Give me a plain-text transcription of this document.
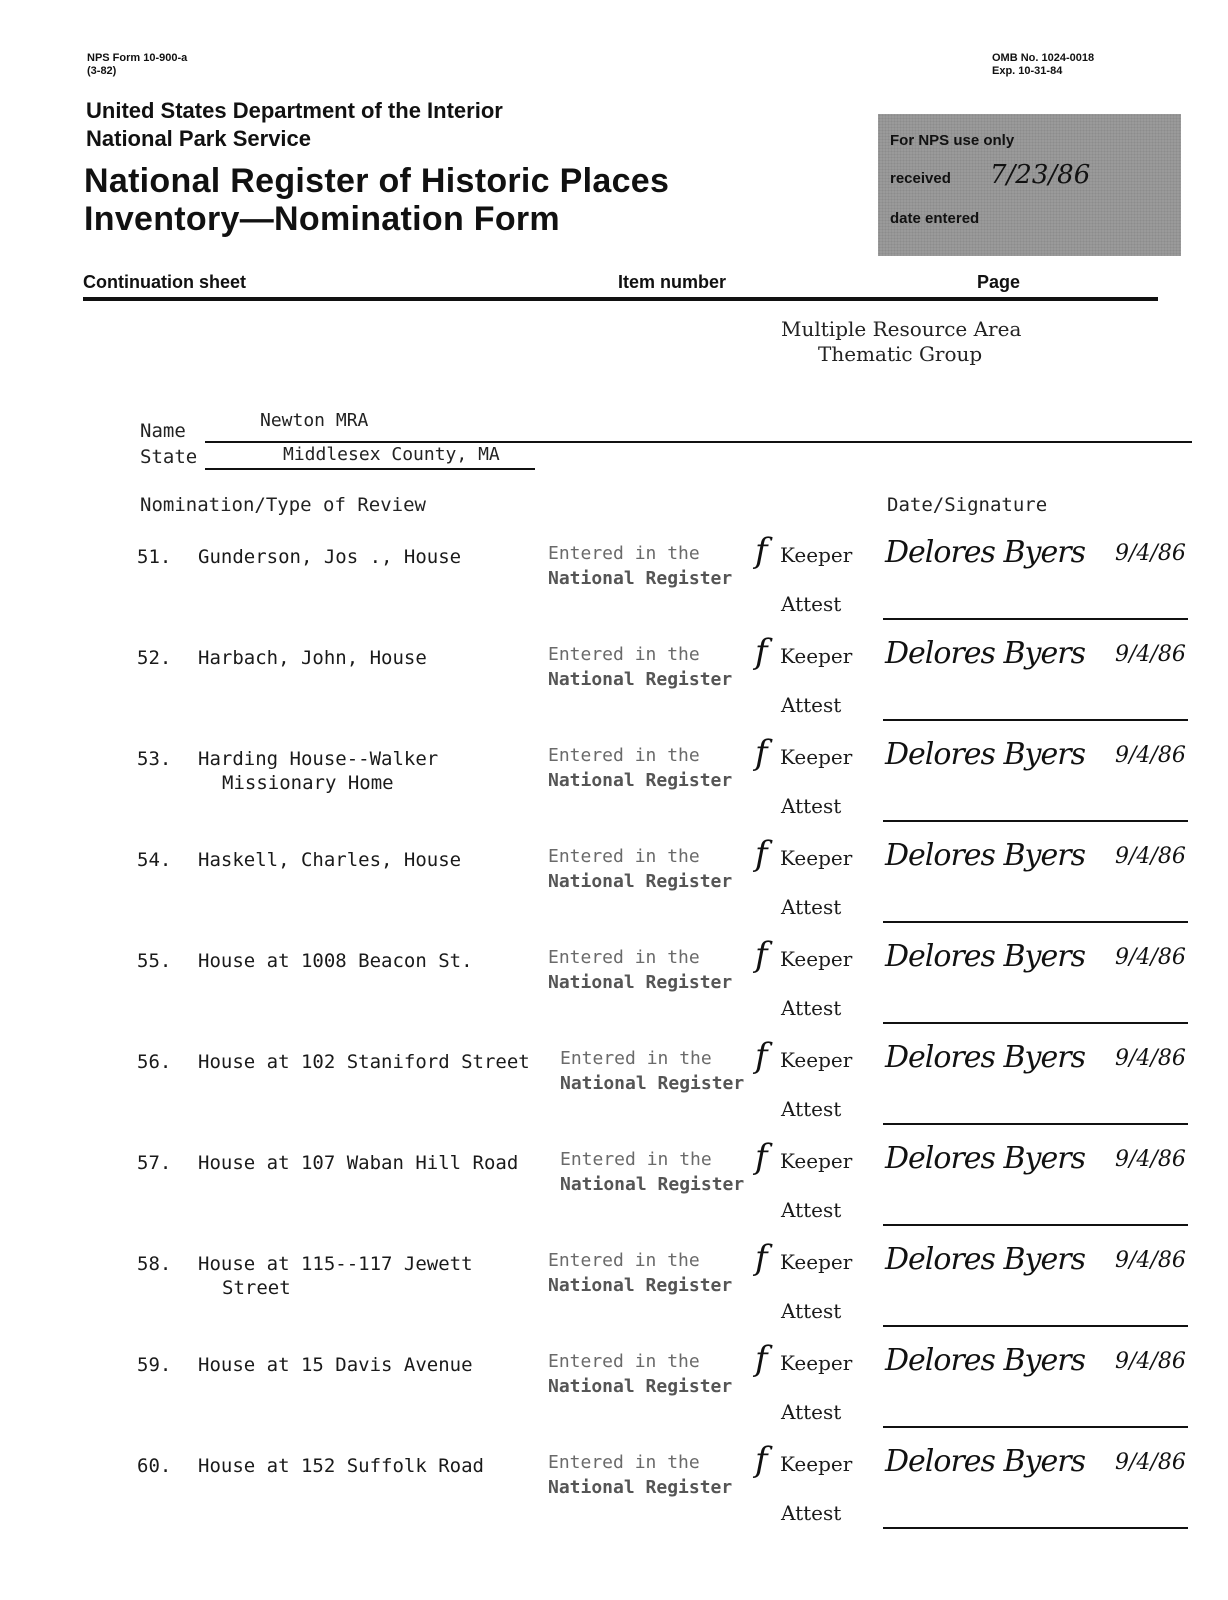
NPS Form 10-900-a
(3-82)
OMB No. 1024-0018
Exp. 10-31-84
United States Department of the Interior
National Park Service
National Register of Historic Places
Inventory—Nomination Form
For NPS use only
received 7/23/86
date entered
Continuation sheet	Item number	Page
Multiple Resource Area
Thematic Group
Name	Newton MRA
State	Middlesex County, MA
Nomination/Type of Review	Date/Signature
51. Gunderson, Jos ., House	Entered in the
National Register
f Keeper
Attest
Delores Byers 9/4/86
52. Harbach, John, House	Entered in the
National Register
f Keeper
Attest
Delores Byers 9/4/86
53. Harding House--Walker
Missionary Home
Entered in the
National Register
f Keeper
Attest
Delores Byers 9/4/86
54. Haskell, Charles, House	Entered in the
National Register
f Keeper
Attest
Delores Byers 9/4/86
55. House at 1008 Beacon St.	Entered in the
National Register
f Keeper
Attest
Delores Byers 9/4/86
56. House at 102 Staniford Street Entered in the
National Register
f Keeper
Attest
Delores Byers 9/4/86
57. House at 107 Waban Hill Road Entered in the
National Register
f Keeper
Attest
Delores Byers 9/4/86
58. House at 115--117 Jewett
Street
Entered in the
National Register
f Keeper
Attest
Delores Byers 9/4/86
59. House at 15 Davis Avenue	Entered in the
National Register
f Keeper
Attest
Delores Byers 9/4/86
60. House at 152 Suffolk Road	Entered in the
National Register
f Keeper
Attest
Delores Byers 9/4/86
